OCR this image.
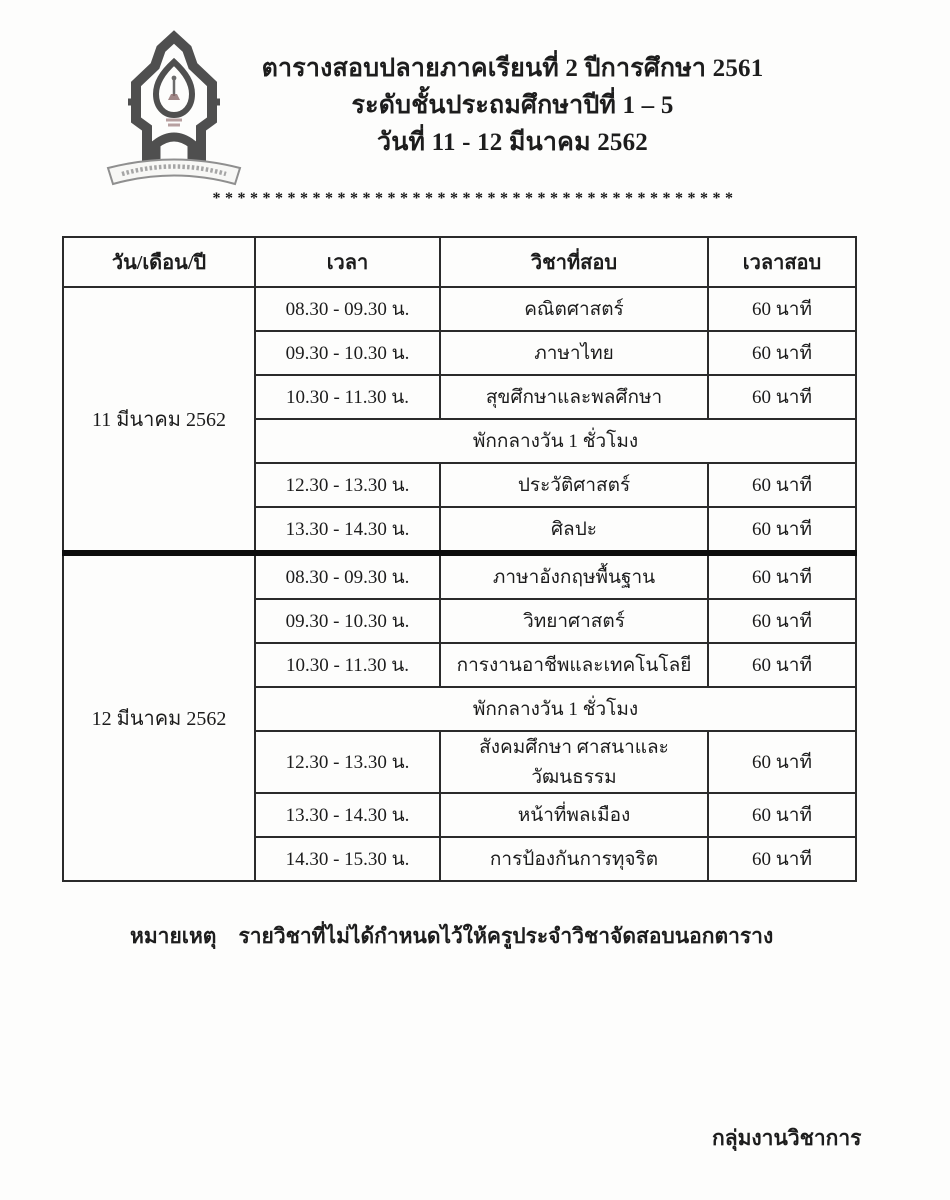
ตารางสอบปลายภาคเรียนที่ 2 ปีการศึกษา 2561
ระดับชั้นประถมศึกษาปีที่ 1 – 5
วันที่ 11 - 12 มีนาคม 2562
******************************************
วัน/เดือน/ปี	เวลา	วิชาที่สอบ	เวลาสอบ
11 มีนาคม 2562	08.30 - 09.30 น.	คณิตศาสตร์	60 นาที
	09.30 - 10.30 น.	ภาษาไทย	60 นาที
	10.30 - 11.30 น.	สุขศึกษาและพลศึกษา	60 นาที
	พักกลางวัน 1 ชั่วโมง		
	12.30 - 13.30 น.	ประวัติศาสตร์	60 นาที
	13.30 - 14.30 น.	ศิลปะ	60 นาที
12 มีนาคม 2562	08.30 - 09.30 น.	ภาษาอังกฤษพื้นฐาน	60 นาที
	09.30 - 10.30 น.	วิทยาศาสตร์	60 นาที
	10.30 - 11.30 น.	การงานอาชีพและเทคโนโลยี	60 นาที
	พักกลางวัน 1 ชั่วโมง		
	12.30 - 13.30 น.	สังคมศึกษา ศาสนาและวัฒนธรรม	60 นาที
	13.30 - 14.30 น.	หน้าที่พลเมือง	60 นาที
	14.30 - 15.30 น.	การป้องกันการทุจริต	60 นาที
หมายเหตุ รายวิชาที่ไม่ได้กำหนดไว้ให้ครูประจำวิชาจัดสอบนอกตาราง
กลุ่มงานวิชาการ
